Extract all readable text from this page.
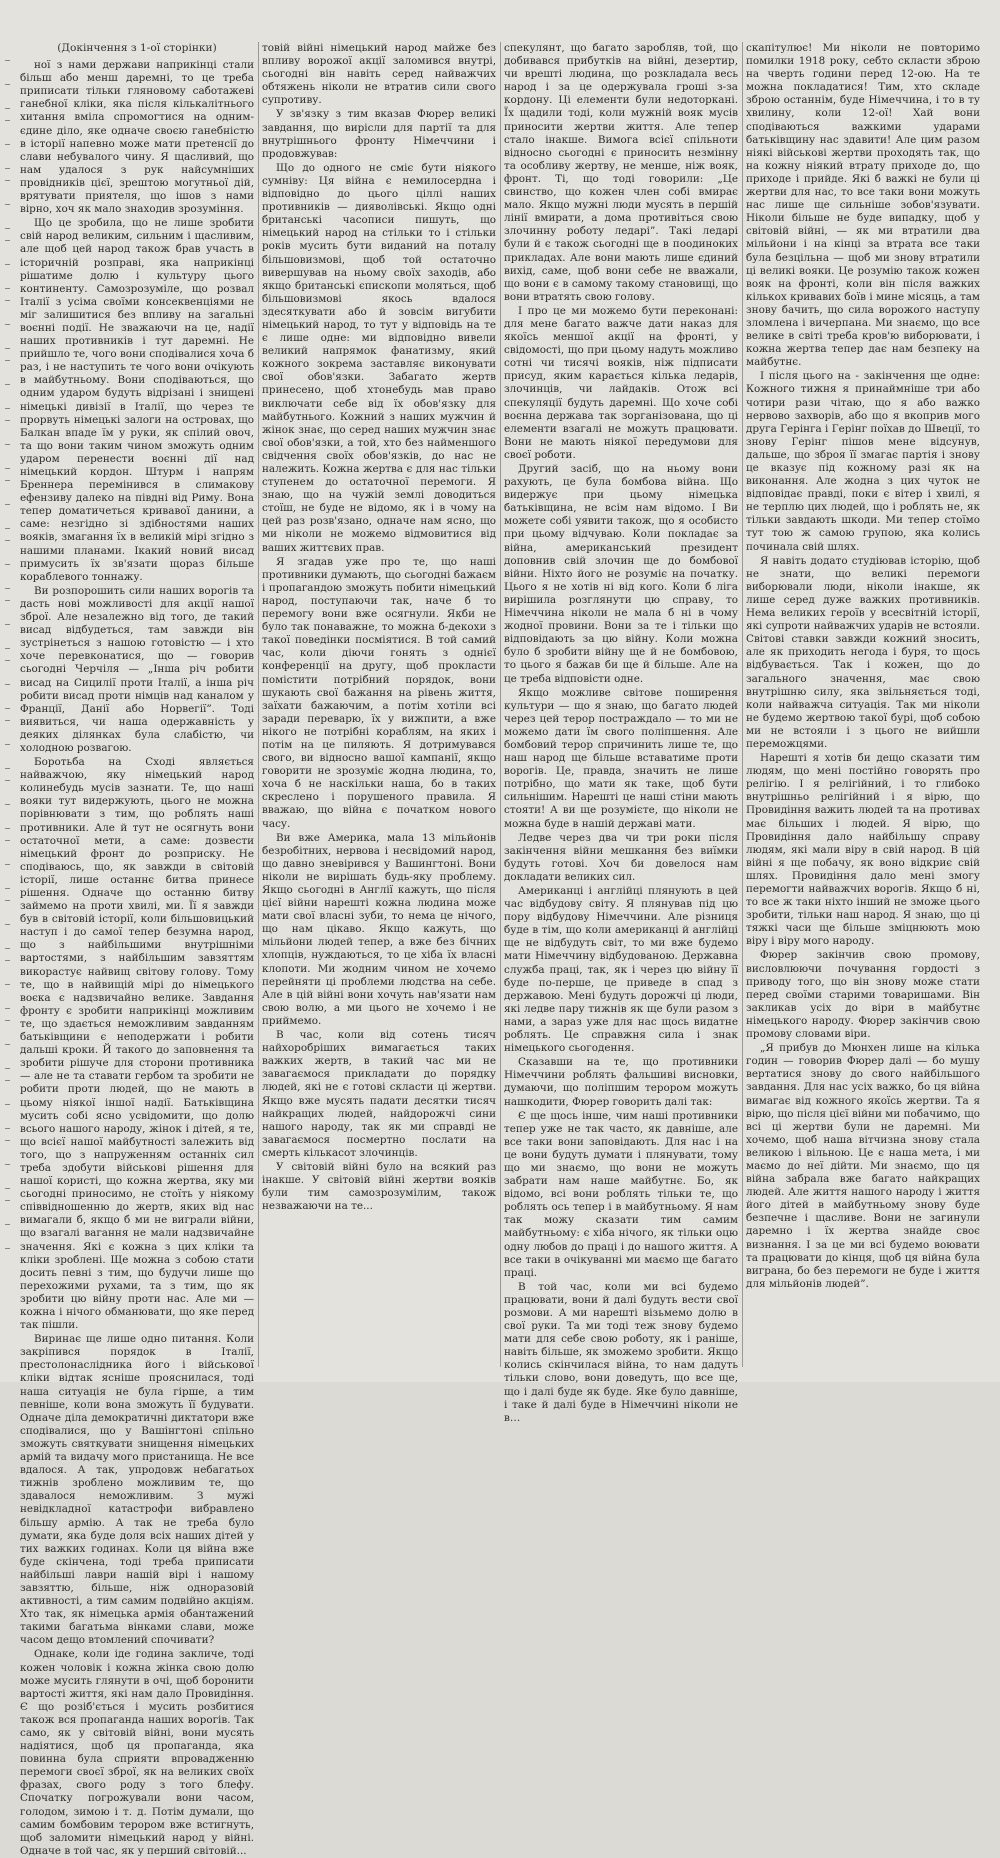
(Докінчення з 1-ої сторінки)

ної з нами держави наприкінці стали більш або менш даремні, то це треба приписати тільки гляновому саботажеві ганебної кліки, яка після кількалітнього хитання вміла спромогтися на одним-єдине діло, яке одначе своєю ганебністю в історії напевно може мати претенсії до слави небувалого чину. Я щасливий, що нам удалося з рук найсумніших провідників цієї, зрештою могутньої дій, врятувати приятеля, що ішов з нами вірно, хоч як мало знаходив зрозуміння.

Що це зробила, що не лише зробити свій народ великим, сильним і щасливим, але щоб цей народ також брав участь в історичній розправі, яка наприкінці рішатиме долю і культуру цього континенту. Самозрозуміле, що розвал Італії з усіма своїми консеквенціями не міг залишитися без впливу на загальні воєнні події. Не зважаючи на це, надії наших противників і тут даремні. Не прийшло те, чого вони сподівалися хоча б раз, і не наступить те чого вони очікують в майбутньому. Вони сподіваються, що одним ударом будуть відрізані і знищені німецькі дивізії в Італії, що через те прорвуть німецькі залоги на островах, що Балкан впаде їм у руки, як спілий овоч, та що вони таким чином зможуть одним ударом перенести воєнні дії над німецький кордон. Штурм і напрям Бреннера перемінився в слимакову ефензиву далеко на півдні від Риму. Вона тепер доматичеться кривавої данини, а саме: незгідно зі здібностями наших вояків, змагання їх в великій мірі згідно з нашими планами. Ікакий новий висад примусить їх зв'язати щораз більше кораблевого тоннажу.

Ви розпорошить сили наших ворогів та дасть нові можливості для акції нашої зброї. Але незалежно від того, де такий висад відбудеться, там завжди він зустрінеться з нашою готовістю — і хто хоче перевконатися, що — говорив сьогодні Черчіля — „Інша річ робити висад на Сицилії проти Італії, а інша річ робити висад проти німців над каналом у Франції, Данії або Норвегії”. Тоді виявиться, чи наша одержавність у деяких ділянках була слабістю, чи холодною розвагою.

Боротьба на Сході являється найважчою, яку німецький народ колинебудь мусів зазнати. Те, що наші вояки тут видержують, цього не можна порівнювати з тим, що роблять наші противники. Але й тут не осягнуть вони остаточної мети, а саме: дозвести німецький фронт до розприску. Не сподіваюсь, що, як завжди в світовій історії, лише останнє битва принесе рішення. Одначе що останню битву займемо на проти хвилі, ми. Її я завжди був в світовій історії, коли більшовицький наступ і до самої тепер безумна народ, що з найбільшими внутрішніми вартостями, з найбільшим завзяттям викорастує найвищ світову голову. Тому те, що в найвищій мірі до німецького воєка є надзвичайно велике. Завдання фронту є зробити наприкінці можливим те, що здається неможливим завданням батьківщини є неподержати і робити дальші кроки. Й такого до заповнення та зробити рішуче для сторони противника — але не та ставати гербом та зробити не робити проти людей, що не мають в цьому ніякої іншої надії. Батьківщина мусить собі ясно усвідомити, що долю всього нашого народу, жінок і дітей, я те, що всієї нашої майбутності залежить від того, що з напруженням останніх сил треба здобути військові рішення для нашої користі, що кожна жертва, яку ми сьогодні приносимо, не стоїть у ніякому співвідношенню до жертв, яких від нас вимагали б, якщо б ми не виграли війни, що взагалі вагання не мали надзвичайне значення. Які є кожна з цих кліки та кліки зроблені. Ще можна з собою стати досить певні з тим, що будучи лише що перехожими рухами, та з тим, що як зробити цю війну проти нас. Але ми — кожна і нічого обманювати, що яке перед так пішли.

Виринає ще лише одно питання. Коли закріпився порядок в Італії, престолонаслідника його і військової кліки відтак ясніше прояснилася, тоді наша ситуація не була гірше, а тим певніше, коли вона зможуть її будувати. Одначе діла демократичні диктатори вже сподівалися, що у Вашінгтоні спільно зможуть святкувати знищення німецьких армій та видачу мого пристанища. Не все вдалося. А так, упродовж небагатьох тижнів зроблено можливим те, що здавалося неможливим. З мужі невідкладної катастрофи вибравлено більшу армію. А так не треба було думати, яка буде доля всіх наших дітей у тих важких годинах. Коли ця війна вже буде скінчена, тоді треба приписати найбільші лаври нашій вірі і нашому завзяттю, більше, ніж одноразовій активності, а тим самим подвійно акціям. Хто так, як німецька армія обантажений такими багатьма вінками слави, може часом дещо втомлений спочивати?

Однаке, коли іде година закличе, тоді кожен чоловік і кожна жінка свою долю може мусить глянути в очі, щоб боронити вартості життя, які нам дало Провидіння. Є що розіб'ється і мусить розбитися також вся пропаганда наших ворогів. Так само, як у світовій війні, вони мусять надіятися, щоб ця пропаганда, яка повинна була сприяти впровадженню перемоги своєї зброї, як на великих своїх фразах, свого роду з того блефу. Спочатку погрожували вони часом, голодом, зимою і т. д. Потім думали, що самим бомбовим терором вже встигнуть, щоб заломити німецький народ у війні. Одначе в той час, як у перший світовій...

товій війні німецький народ майже без впливу ворожої акції заломився внутрі, сьогодні він навіть серед найважчих обтяжень ніколи не втратив сили свого супротиву.

У зв'язку з тим вказав Фюрер великі завдання, що вирісли для партії та для внутрішнього фронту Німеччини і продовжував:

Що до одного не сміє бути ніякого сумніву: Ця війна є немилосердна і відповідно до цього ціллі наших противників — дияволівські. Якщо одні британські часописи пишуть, що німецький народ на стільки то і стільки років мусить бути виданий на поталу більшовизмові, щоб той остаточно вивершував на ньому своїх заходів, або якщо британські єпископи моляться, щоб більшовизмові якось вдалося здесяткувати або й зовсім вигубити німецький народ, то тут у відповідь на те є лише одне: ми відповідно вивели великий напрямок фанатизму, який кожного зокрема заставляє виконувати свої обов'язки. Забагато жертв принесено, щоб хтонебудь мав право виключати себе від їх обов'язку для майбутнього. Кожний з наших мужчин й жінок знає, що серед наших мужчин знає свої обов'язки, а той, хто без найменшого свідчення своїх обов'язків, до нас не належить. Кожна жертва є для нас тільки ступенем до остаточної перемоги. Я знаю, що на чужій землі доводиться стоїш, не буде не відомо, як і в чому на цей раз розв'язано, одначе нам ясно, що ми ніколи не можемо відмовитися від ваших життєвих прав.

Я згадав уже про те, що наші противники думають, що сьогодні бажаєм і пропагандою зможуть побити німецький народ, поступаючи так, наче б то перемогу вони вже осягнули. Якби не було так понаважне, то можна б-декохи з такої поведінки посміятися. В той самий час, коли діючи гонять з однієї конференції на другу, щоб прокласти помістити потрібний порядок, вони шукають свої бажання на рівень життя, заїхати бажаючим, а потім хотіли всі заради переварю, їх у вижпити, а вже нікого не потрібні кораблям, на яких і потім на це пиляють. Я дотримувався свого, ви відносно вашої кампанії, якщо говорити не зрозуміє жодна людина, то, хоча б не наскільки наша, бо в таких скреслено і порушеного правила. Я вважаю, що війна є початком нового часу.

Ви вже Америка, мала 13 мільйонів безробітних, нервова і несвідомий народ, що давно зневірився у Вашингтоні. Вони ніколи не вирішать будь-яку проблему. Якщо сьогодні в Англії кажуть, що після цієї війни нарешті кожна людина може мати свої власні зуби, то нема це нічого, що нам цікаво. Якщо кажуть, що мільйони людей тепер, а вже без бічних хлопців, нуждаються, то це хіба їх власні клопоти. Ми жодним чином не хочемо перейняти ці проблеми людства на себе. Але в цій війні вони хочуть нав'язати нам свою волю, а ми цього не хочемо і не приймемо.

В час, коли від сотень тисяч найхоробріших вимагається таких важких жертв, в такий час ми не завагаємося прикладати до порядку людей, які не є готові скласти ці жертви. Якщо вже мусять падати десятки тисяч найкращих людей, найдорожчі сини нашого народу, так як ми справді не завагаємося посмертно послати на смерть кількасот злочинців.

У світовій війні було на всякий раз інакше. У світовій війні жертви вояків були тим самозрозумілим, також незважаючи на те...

спекулянт, що багато заробляв, той, що добивався прибутків на війні, дезертир, чи врешті людина, що розкладала весь народ і за це одержувала гроші з-за кордону. Ці елементи були недоторкані. Їх щадили тоді, коли мужній вояк мусів приносити жертви життя. Але тепер стало інакше. Вимога всієї спільноти відносно сьогодні є приносить незмінну та особливу жертву, не менше, ніж вояк, фронт. Ті, що тоді говорили: „Це свинство, що кожен член собі вмирає мало. Якщо мужні люди мусять в першій лінії вмирати, а дома противіться свою злочинну роботу ледарі”. Такі ледарі були й є також сьогодні ще в поодиноких прикладах. Але вони мають лише єдиний вихід, саме, щоб вони себе не вважали, що вони є в самому такому становищі, що вони втратять свою голову.

І про це ми можемо бути переконані: для мене багато важче дати наказ для якоїсь меншої акції на фронті, у свідомості, що при цьому надуть можливо сотні чи тисячі вояків, ніж підписати присуд, яким карається кілька ледарів, злочинців, чи лайдаків. Отож всі спекуляції будуть даремні. Що хоче собі воєнна держава так зорганізована, що ці елементи взагалі не можуть працювати. Вони не мають ніякої передумови для своєї роботи.

Другий засіб, що на ньому вони рахують, це була бомбова війна. Що видержує при цьому німецька батьківщина, не всім нам відомо. І Ви можете собі уявити також, що я особисто при цьому відчуваю. Коли покладає за війна, американський президент доповнив свій злочин ще до бомбової війни. Ніхто його не розуміє на початку. Цього я не хотів ні від кого. Коли б ліга вирішила розглянути цю справу, то Німеччина ніколи не мала б ні в чому жодної провини. Вони за те і тільки що відповідають за цю війну. Коли можна було б зробити війну ще й не бомбовою, то цього я бажав би ще й більше. Але на це треба відповісти одне.

Якщо можливе світове поширення культури — що я знаю, що багато людей через цей терор постраждало — то ми не можемо дати їм свого поліпшення. Але бомбовий терор спричинить лише те, що наш народ ще більше вставатиме проти ворогів. Це, правда, значить не лише потрібно, що мати як таке, щоб бути сильнішим. Нарешті це наші стіни мають стояти! А ви ще розумієте, що ніколи не можна буде в нашій державі мати.

Ледве через два чи три роки після закінчення війни мешкання без виїмки будуть готові. Хоч би довелося нам докладати великих сил.

Американці і англійці плянують в цей час відбудову світу. Я плянував під цю пору відбудову Німеччини. Але різниця буде в тім, що коли американці й англійці ще не відбудуть світ, то ми вже будемо мати Німеччину відбудованою. Державна служба праці, так, як і через цю війну її буде по-перше, це приведе в спад з державою. Мені будуть дорожчі ці люди, які ледве пару тижнів як ще були разом з нами, а зараз уже для нас щось видатне роблять. Це справжня сила і знак німецького сьогодення.

Сказавши на те, що противники Німеччини роблять фальшиві висновки, думаючи, що поліпшим терором можуть нашкодити, Фюрер говорить далі так:

Є ще щось інше, чим наші противники тепер уже не так часто, як давніше, але все таки вони заповідають. Для нас і на це вони будуть думати і плянувати, тому що ми знаємо, що вони не можуть забрати нам наше майбутнє. Бо, як відомо, всі вони роблять тільки те, що роблять ось тепер і в майбутньому. Я нам так можу сказати тим самим майбутньому: є хіба нічого, як тільки оцю одну любов до праці і до нашого життя. А все таки в очікуванні ми маємо ще багато праці.

В той час, коли ми всі будемо працювати, вони й далі будуть вести свої розмови. А ми нарешті візьмемо долю в свої руки. Та ми тоді теж знову будемо мати для себе свою роботу, як і раніше, навіть більше, як зможемо зробити. Якщо колись скінчилася війна, то нам дадуть тільки слово, вони доведуть, що все ще, що і далі буде як буде. Яке було давніше, і таке й далі буде в Німеччині ніколи не в…

скапітулює! Ми ніколи не повторимо помилки 1918 року, себто скласти зброю на чверть години перед 12-ою. На те можна покладатися! Тим, хто складе зброю останнім, буде Німеччина, і то в ту хвилину, коли 12-ої! Хай вони сподіваються важкими ударами батьківщину нас здавити! Але цим разом ніякі військові жертви проходять так, що на кожну ніякий втрату приходе до, що приходе і прийде. Які б важкі не були ці жертви для нас, то все таки вони можуть нас лише ще сильніше зобов'язувати. Ніколи більше не буде випадку, щоб у світовій війні, — як ми втратили два мільйони і на кінці за втрата все таки була безцільна — щоб ми знову втратили ці великі вояки. Це розумію також кожен вояк на фронті, коли він після важких кількох кривавих боїв і мине місяць, а там знову бачить, що сила ворожого наступу зломлена і вичерпана. Ми знаємо, що все велике в світі треба кров'ю виборювати, і кожна жертва тепер дає нам безпеку на майбутнє.

І після цього на - закінчення ще одне: Кожного тижня я принаймніше три або чотири рази чітаю, що я або важко нервово захворів, або що я вкоприв мого друга Герінга і Герінг поїхав до Швеції, то знову Герінг пішов мене відсунув, дальше, що зброя її змагає партія і знову це вказує під кожному разі як на виконання. Але жодна з цих чуток не відповідає правді, поки є вітер і хвилі, я не терплю цих людей, що і роблять не, як тільки завдають шкоди. Ми тепер стоїмо тут тою ж самою групою, яка колись починала свій шлях.

Я навіть додато студіював історію, щоб не знати, що великі перемоги виборювали люди, ніколи інакше, як лише серед дуже важких противників. Нема великих героїв у всесвітній історії, які супроти найважчих ударів не встояли. Світові ставки завжди кожний зносить, але як приходить негода і буря, то щось відбувається. Так і кожен, що до загального значення, має свою внутрішню силу, яка звільняється тоді, коли найважча ситуація. Так ми ніколи не будемо жертвою такої бурі, щоб собою ми не встояли і з цього не вийшли переможцями.

Нарешті я хотів би дещо сказати тим людям, що мені постійно говорять про релігію. І я релігійний, і то глибоко внутрішньо релігійний і я вірю, що Провидіння важить людей та на противах має більших і людей. Я вірю, що Провидіння дало найбільшу справу людям, які мали віру в свій народ. В цій війні я ще побачу, як воно відкриє свій шлях. Провидіння дало мені змогу перемогти найважчих ворогів. Якщо б ні, то все ж таки ніхто інший не зможе цього зробити, тільки наш народ. Я знаю, що ці тяжкі часи ще більше зміцнюють мою віру і віру мого народу.

Фюрер закінчив свою промову, висловлюючи почування гордості з приводу того, що він знову може стати перед своїми старими товаришами. Він закликав усіх до віри в майбутнє німецького народу. Фюрер закінчив свою промову словами віри.

„Я прибув до Мюнхен лише на кілька годин — говорив Фюрер далі — бо мушу вертатися знову до свого найбільшого завдання. Для нас усіх важко, бо ця війна вимагає від кожного якоїсь жертви. Та я вірю, що після цієї війни ми побачимо, що всі ці жертви були не даремні. Ми хочемо, щоб наша вітчизна знову стала великою і вільною. Це є наша мета, і ми маємо до неї дійти. Ми знаємо, що ця війна забрала вже багато найкращих людей. Але життя нашого народу і життя його дітей в майбутньому знову буде безпечне і щасливе. Вони не загинули даремно і їх жертва знайде своє визнання. І за це ми всі будемо воювати та працювати до кінця, щоб ця війна була виграна, бо без перемоги не буде і життя для мільйонів людей”.
